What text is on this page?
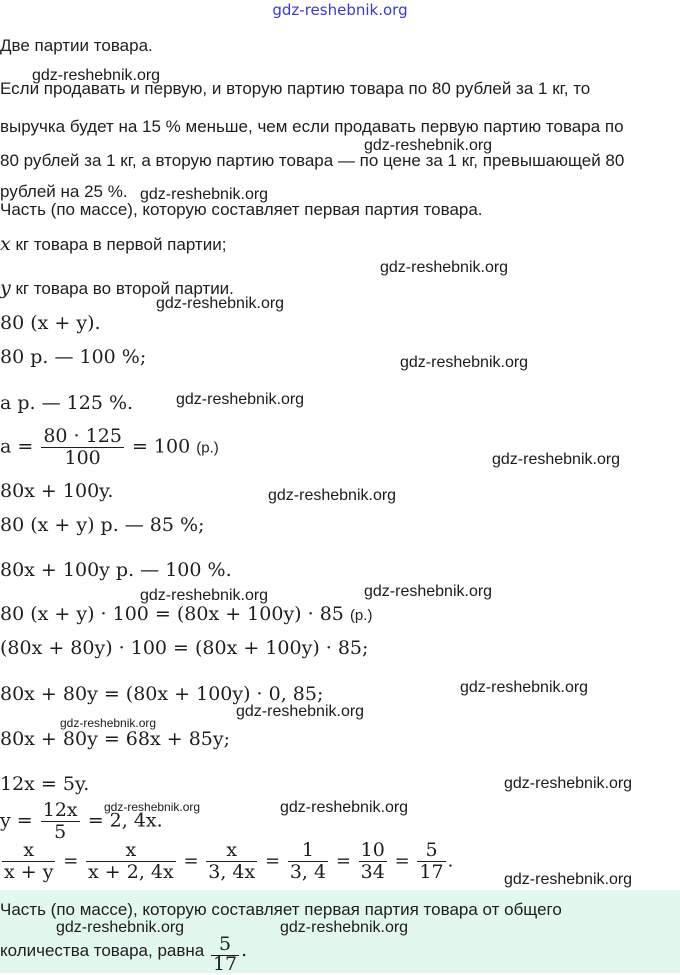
gdz-reshebnik.org
Две партии товара.
Если продавать и первую, и вторую партию товара по 80 рублей за 1 кг, то
выручка будет на 15 % меньше, чем если продавать первую партию товара по
80 рублей за 1 кг, а вторую партию товара — по цене за 1 кг, превышающей 80
рублей на 25 %.
Часть (по массе), которую составляет первая партия товара.
x кг товара в первой партии;
y кг товара во второй партии.
80 (x + y).
80 р. — 100 %;
a р. — 125 %.
$a = \frac{80 \cdot 125}{100} = 100$ (р.)
80x + 100y.
80 (x + y) р. — 85 %;
80x + 100y р. — 100 %.
80 (x + y) · 100 = (80x + 100y) · 85 (р.)
(80x + 80y) · 100 = (80x + 100y) · 85;
80x + 80y = (80x + 100y) · 0, 85;
80x + 80y = 68x + 85y;
12x = 5y.
$y = \frac{12x}{5} = 2$, 4x.
$\frac{x}{x + y} = \frac{x}{x + 2, 4x} = \frac{x}{3, 4x} = \frac{1}{3, 4} = \frac{10}{34} = \frac{5}{17}$ .
Часть (по массе), которую составляет первая партия товара от общего
количества товара, равна $\frac{5}{17}$ .
gdz-reshebnik.org
gdz-reshebnik.org
gdz-reshebnik.org
gdz-reshebnik.org
gdz-reshebnik.org
gdz-reshebnik.org
gdz-reshebnik.org
gdz-reshebnik.org
gdz-reshebnik.org
gdz-reshebnik.org	gdz-reshebnik.org
gdz-reshebnik.org
gdz-reshebnik.org
gdz-reshebnik.org
gdz-reshebnik.org
gdz-reshebnik.org	gdz-reshebnik.org
gdz-reshebnik.org
gdz-reshebnik.org	gdz-reshebnik.org
